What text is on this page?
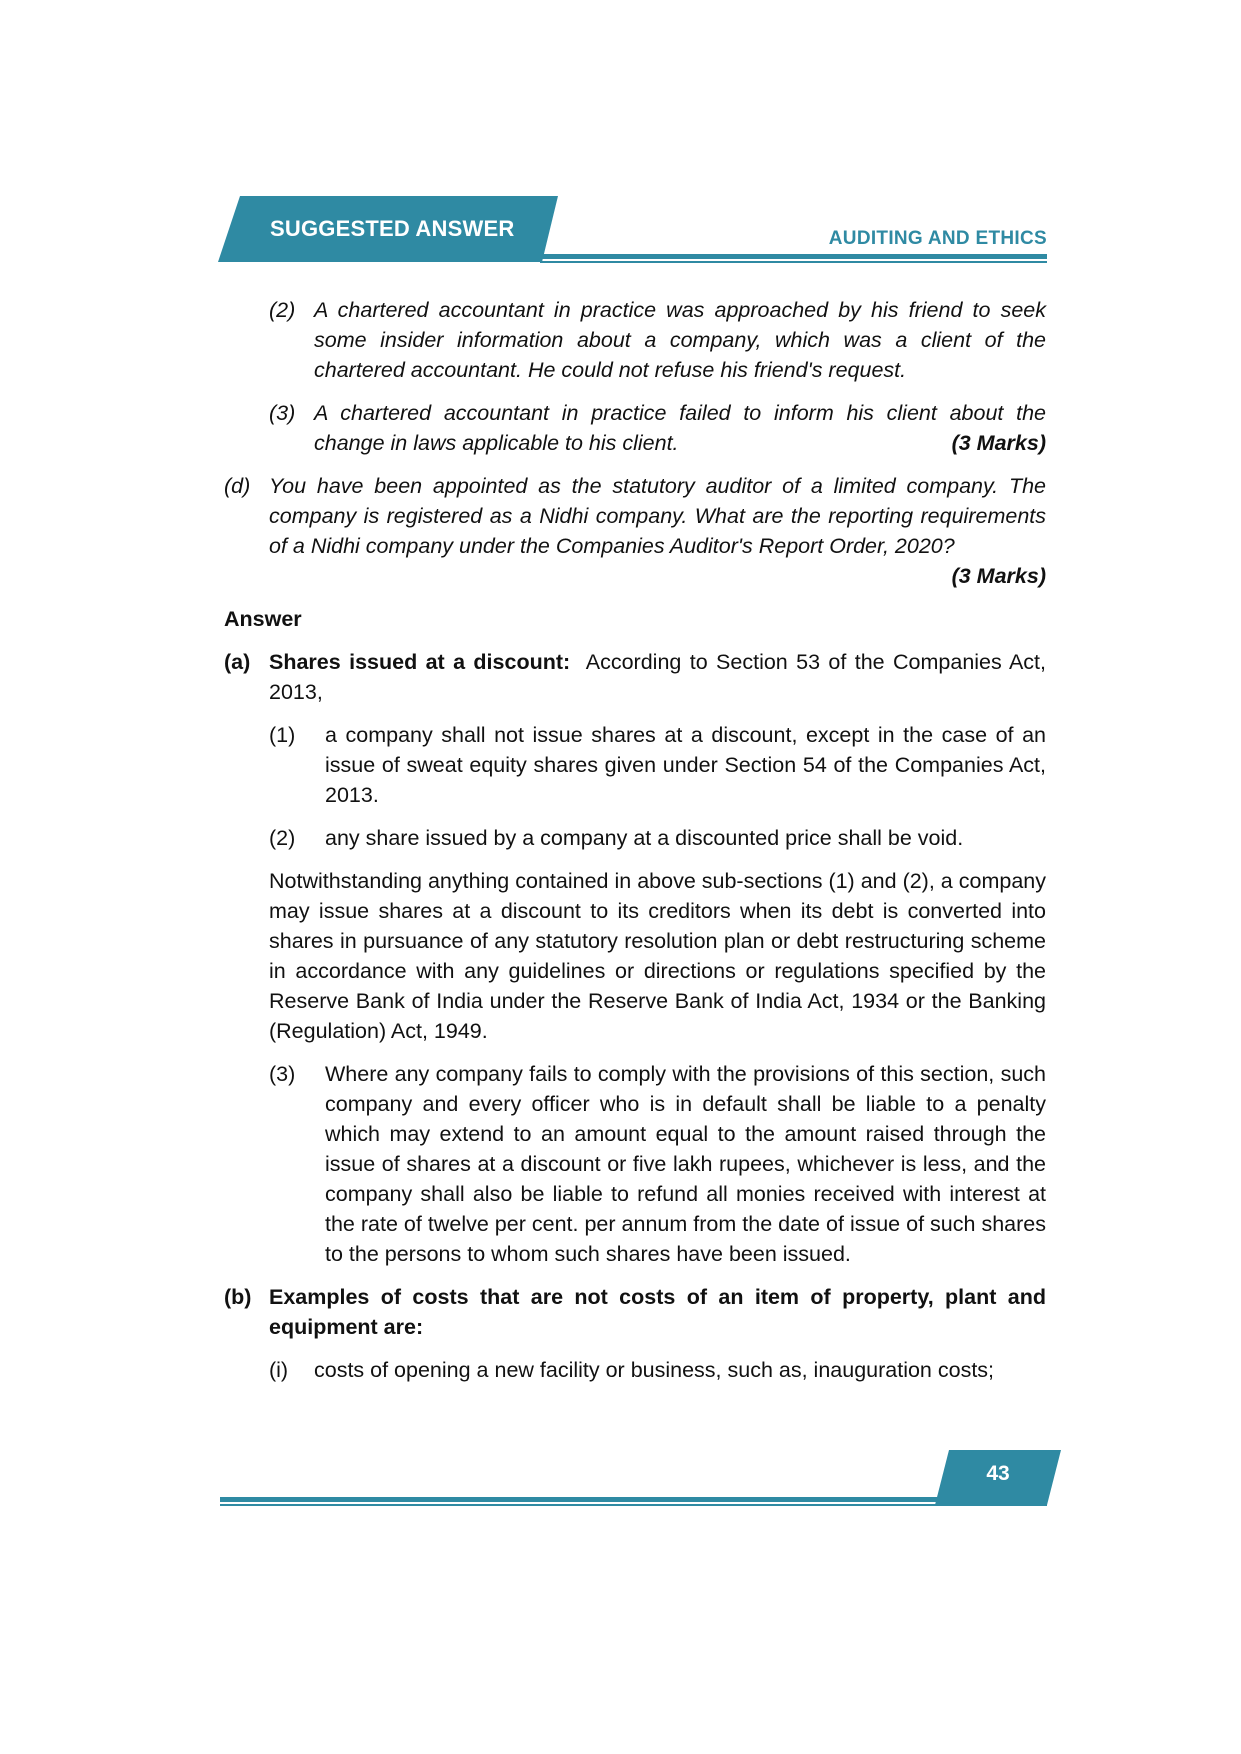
SUGGESTED ANSWER	AUDITING AND ETHICS
(2) A chartered accountant in practice was approached by his friend to seek some insider information about a company, which was a client of the chartered accountant. He could not refuse his friend's request.
(3) A chartered accountant in practice failed to inform his client about the change in laws applicable to his client.	(3 Marks)
(d) You have been appointed as the statutory auditor of a limited company. The company is registered as a Nidhi company. What are the reporting requirements of a Nidhi company under the Companies Auditor's Report Order, 2020?
(3 Marks)
Answer
(a) Shares issued at a discount: According to Section 53 of the Companies Act, 2013,
(1)	a company shall not issue shares at a discount, except in the case of an issue of sweat equity shares given under Section 54 of the Companies Act, 2013.
(2)	any share issued by a company at a discounted price shall be void.
Notwithstanding anything contained in above sub-sections (1) and (2), a company may issue shares at a discount to its creditors when its debt is converted into shares in pursuance of any statutory resolution plan or debt restructuring scheme in accordance with any guidelines or directions or regulations specified by the Reserve Bank of India under the Reserve Bank of India Act, 1934 or the Banking (Regulation) Act, 1949.
(3)	Where any company fails to comply with the provisions of this section, such company and every officer who is in default shall be liable to a penalty which may extend to an amount equal to the amount raised through the issue of shares at a discount or five lakh rupees, whichever is less, and the company shall also be liable to refund all monies received with interest at the rate of twelve per cent. per annum from the date of issue of such shares to the persons to whom such shares have been issued.
(b) Examples of costs that are not costs of an item of property, plant and equipment are:
(i)	costs of opening a new facility or business, such as, inauguration costs;
43
